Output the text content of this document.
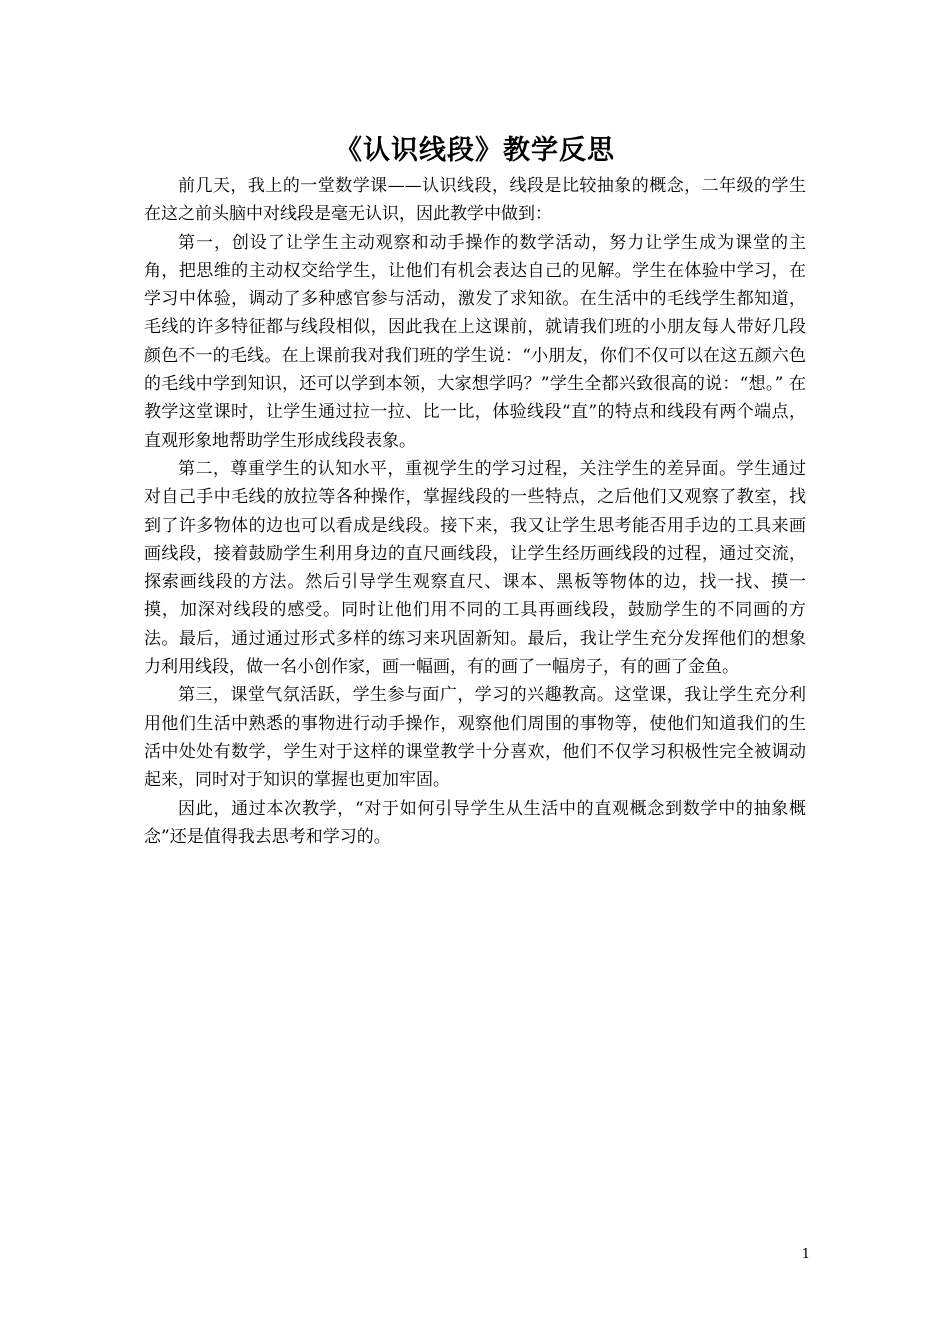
《认识线段》教学反思

前几天，我上的一堂数学课——认识线段，线段是比较抽象的概念，二年级的学生在这之前头脑中对线段是毫无认识，因此教学中做到：

第一，创设了让学生主动观察和动手操作的数学活动，努力让学生成为课堂的主角，把思维的主动权交给学生，让他们有机会表达自己的见解。学生在体验中学习，在学习中体验，调动了多种感官参与活动，激发了求知欲。在生活中的毛线学生都知道，毛线的许多特征都与线段相似，因此我在上这课前，就请我们班的小朋友每人带好几段颜色不一的毛线。在上课前我对我们班的学生说：“小朋友，你们不仅可以在这五颜六色的毛线中学到知识，还可以学到本领，大家想学吗？”学生全都兴致很高的说：“想。” 在教学这堂课时，让学生通过拉一拉、比一比，体验线段“直”的特点和线段有两个端点，直观形象地帮助学生形成线段表象。

第二，尊重学生的认知水平，重视学生的学习过程，关注学生的差异面。学生通过对自己手中毛线的放拉等各种操作，掌握线段的一些特点，之后他们又观察了教室，找到了许多物体的边也可以看成是线段。接下来，我又让学生思考能否用手边的工具来画画线段，接着鼓励学生利用身边的直尺画线段，让学生经历画线段的过程，通过交流，探索画线段的方法。然后引导学生观察直尺、课本、黑板等物体的边，找一找、摸一摸，加深对线段的感受。同时让他们用不同的工具再画线段，鼓励学生的不同画的方法。最后，通过通过形式多样的练习来巩固新知。最后，我让学生充分发挥他们的想象力利用线段，做一名小创作家，画一幅画，有的画了一幅房子，有的画了金鱼。

第三，课堂气氛活跃，学生参与面广，学习的兴趣教高。这堂课，我让学生充分利用他们生活中熟悉的事物进行动手操作，观察他们周围的事物等，使他们知道我们的生活中处处有数学，学生对于这样的课堂教学十分喜欢，他们不仅学习积极性完全被调动起来，同时对于知识的掌握也更加牢固。

因此，通过本次教学，“对于如何引导学生从生活中的直观概念到数学中的抽象概念”还是值得我去思考和学习的。

1
